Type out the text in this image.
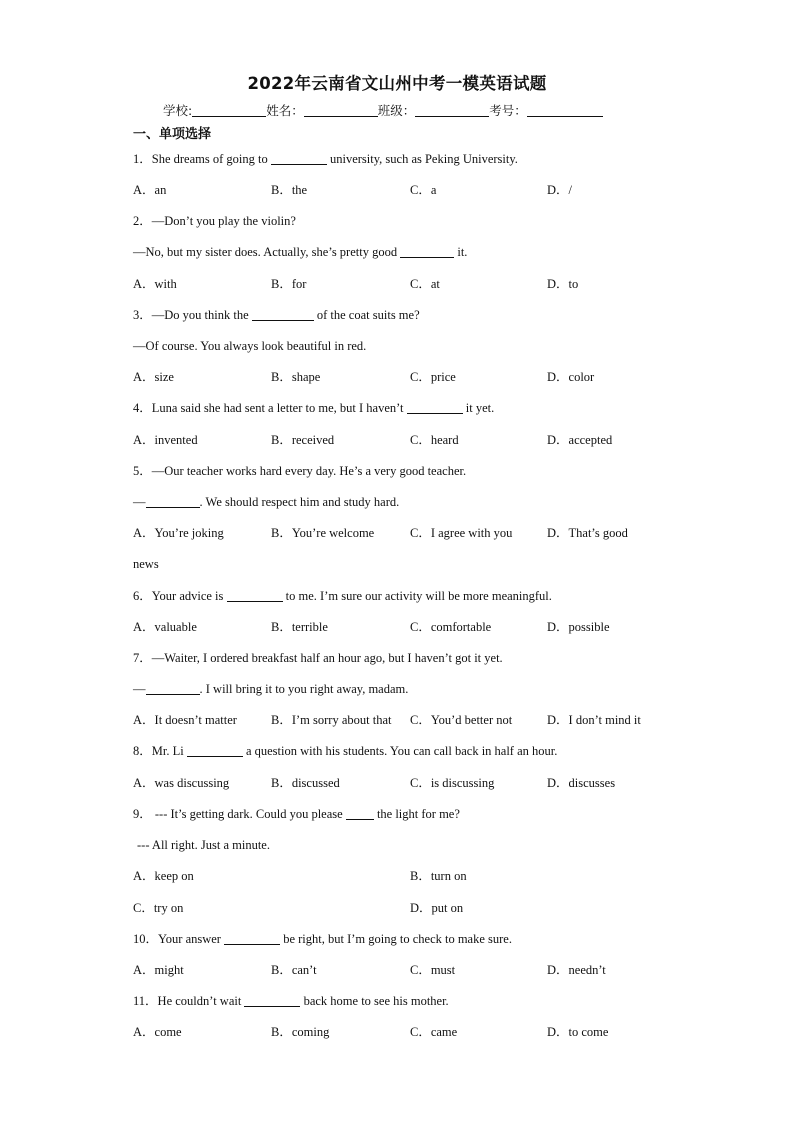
2022年云南省文山州中考一模英语试题
学校:	姓名：	班级：	考号：
一、单项选择
1．She dreams of going to	university, such as Peking University.
A．an	B．the	C．a	D．/
2．—Don’t you play the violin?
—No, but my sister does. Actually, she’s pretty good	it.
A．with	B．for	C．at	D．to
3．—Do you think the	of the coat suits me?
—Of course. You always look beautiful in red.
A．size	B．shape	C．price	D．color
4．Luna said she had sent a letter to me, but I haven’t	it yet.
A．invented	B．received	C．heard	D．accepted
5．—Our teacher works hard every day. He’s a very good teacher.
—	. We should respect him and study hard.
A．You’re joking	B．You’re welcome	C．I agree with you	D．That’s good
news
6．Your advice is	to me. I’m sure our activity will be more meaningful.
A．valuable	B．terrible	C．comfortable	D．possible
7．—Waiter, I ordered breakfast half an hour ago, but I haven’t got it yet.
—	. I will bring it to you right away, madam.
A．It doesn’t matter	B．I’m sorry about that C．You’d better not	D．I don’t mind it
8．Mr. Li	a question with his students. You can call back in half an hour.
A．was discussing	B．discussed	C．is discussing	D．discusses
9． --- It’s getting dark. Could you please  the light for me?
--- All right. Just a minute.
A．keep on	B．turn on
C．try on	D．put on
10．Your answer	be right, but I’m going to check to make sure.
A．might	B．can’t	C．must	D．needn’t
11．He couldn’t wait	back home to see his mother.
A．come	B．coming	C．came	D．to come
